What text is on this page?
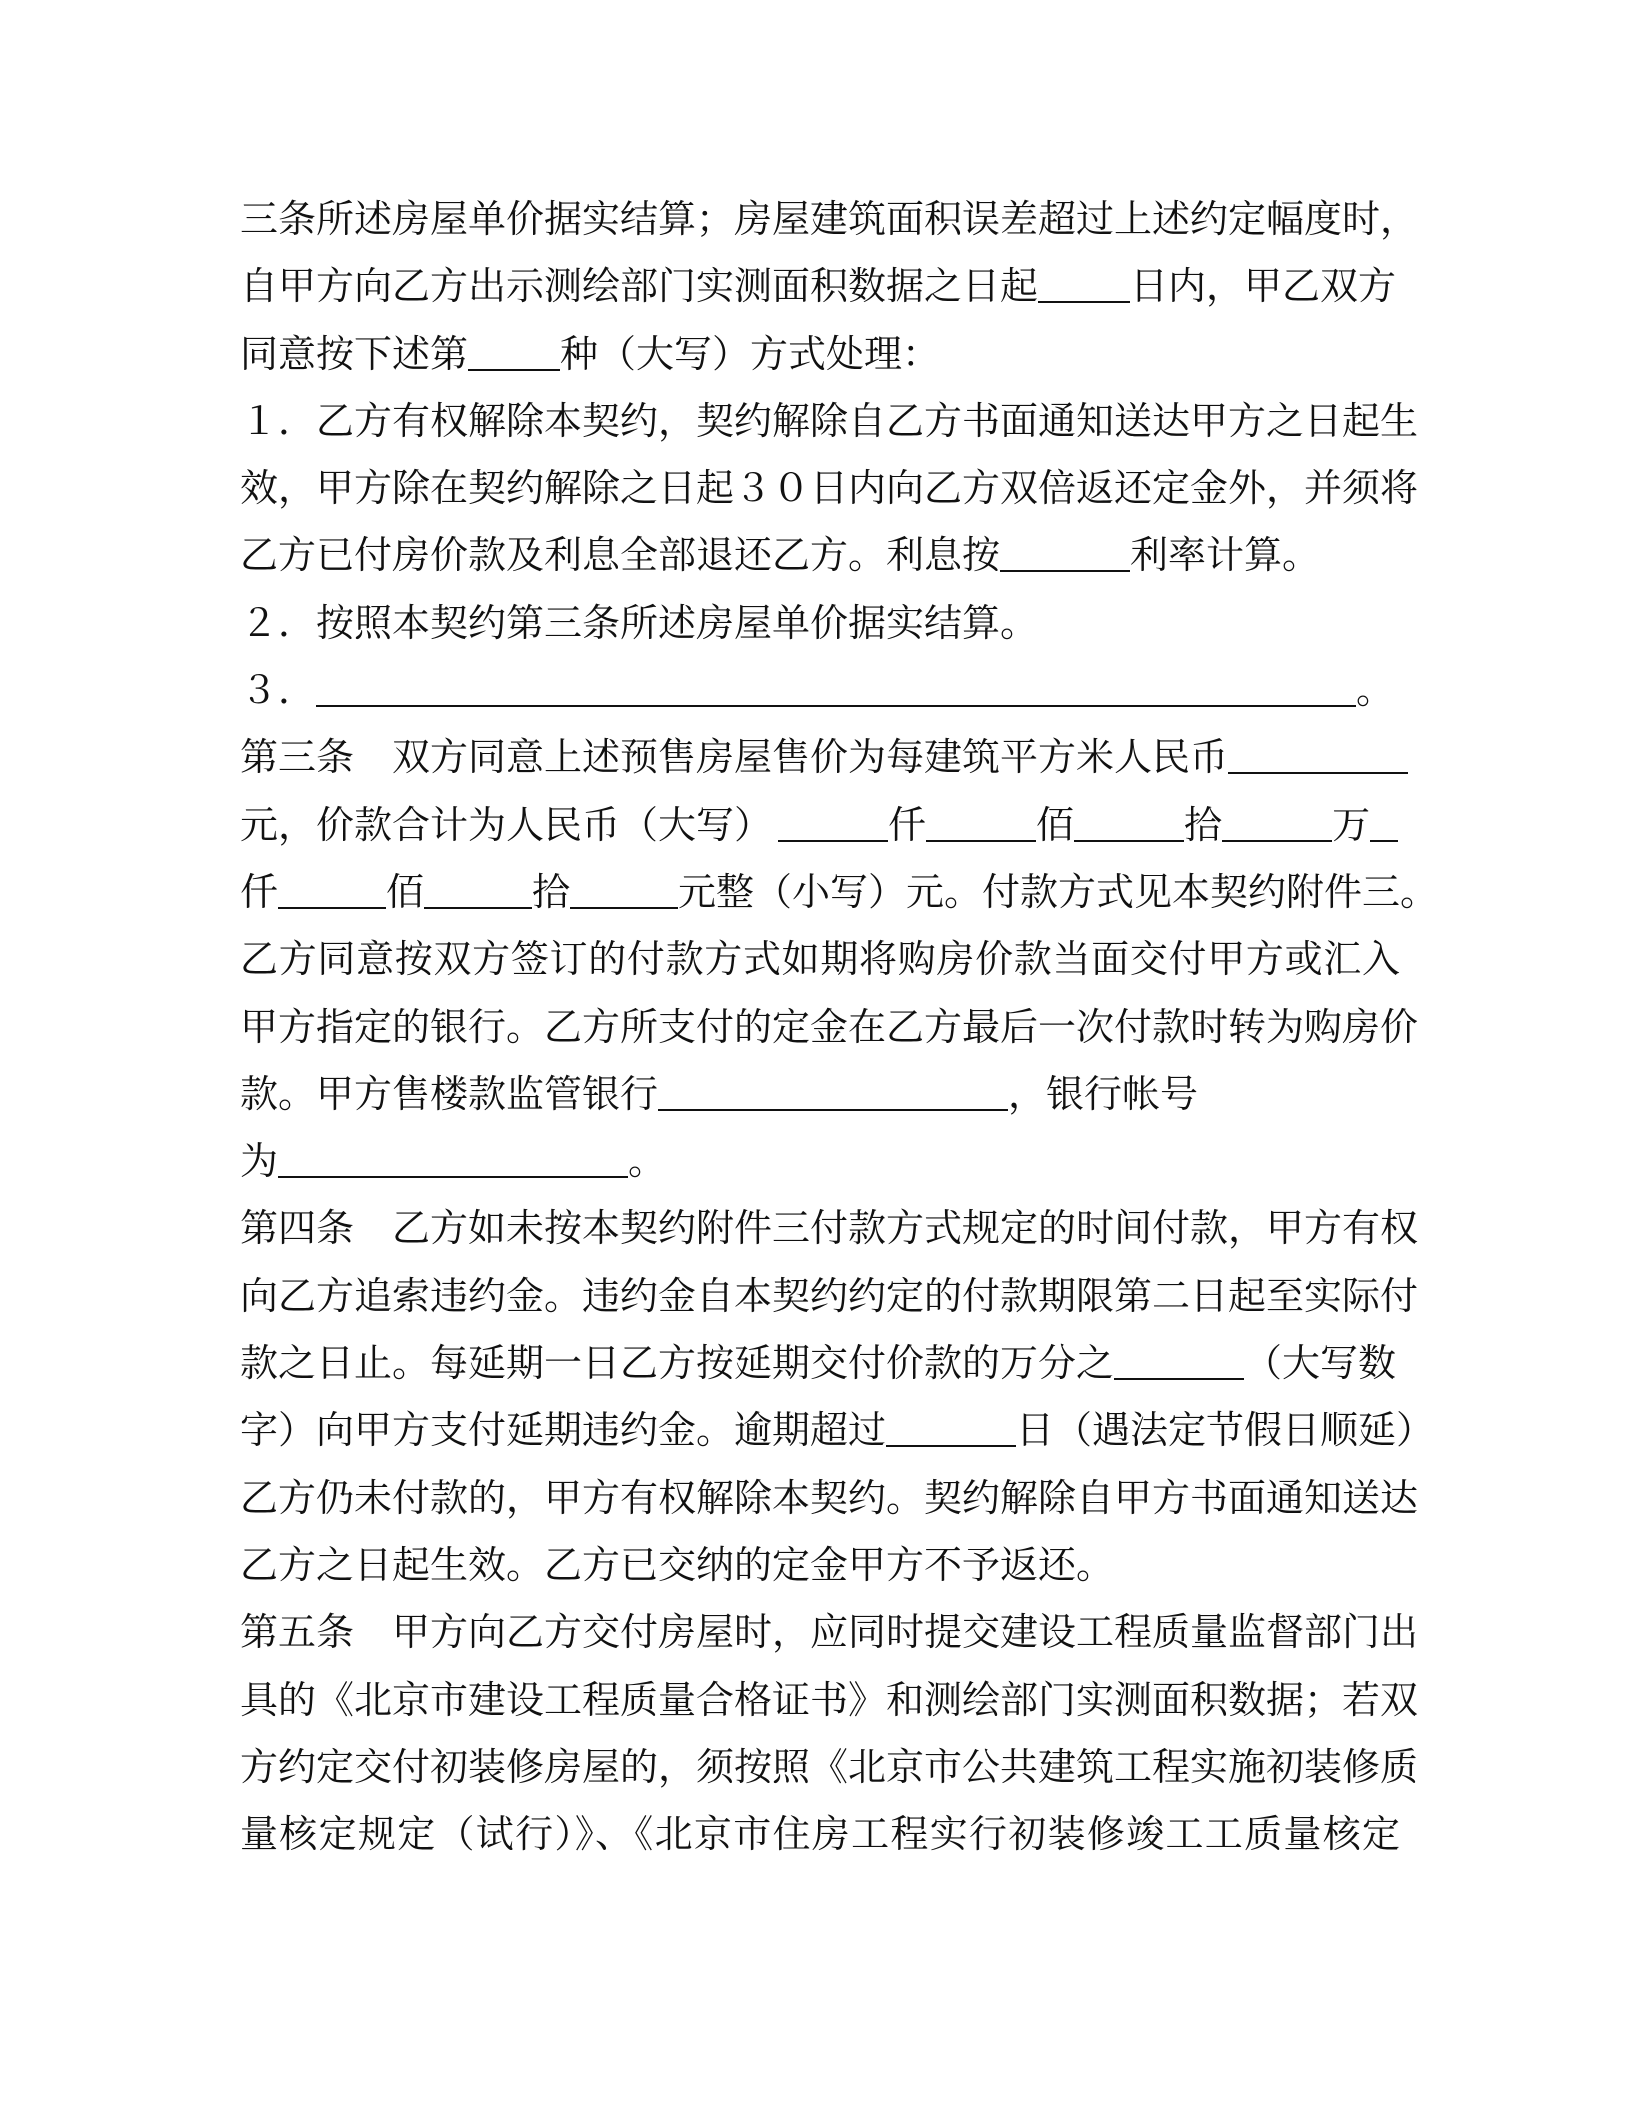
三条所述房屋单价据实结算；房屋建筑面积误差超过上述约定幅度时，
自甲方向乙方出示测绘部门实测面积数据之日起 日内，甲乙双方
同意按下述第 种（大写）方式处理：
１．乙方有权解除本契约，契约解除自乙方书面通知送达甲方之日起生
效，甲方除在契约解除之日起３０日内向乙方双倍返还定金外，并须将
乙方已付房价款及利息全部退还乙方。利息按	利率计算。
２．按照本契约第三条所述房屋单价据实结算。
３．	。
第三条　双方同意上述预售房屋售价为每建筑平方米人民币
元，价款合计为人民币（大写）	仟	佰	拾	万
仟	佰	拾	元整（小写）元。付款方式见本契约附件三。
乙方同意按双方签订的付款方式如期将购房价款当面交付甲方或汇入
甲方指定的银行。乙方所支付的定金在乙方最后一次付款时转为购房价
款。甲方售楼款监管银行	，银行帐号
为	。
第四条　乙方如未按本契约附件三付款方式规定的时间付款，甲方有权
向乙方追索违约金。违约金自本契约约定的付款期限第二日起至实际付
款之日止。每延期一日乙方按延期交付价款的万分之	（大写数
字）向甲方支付延期违约金。逾期超过	日（遇法定节假日顺延）
乙方仍未付款的，甲方有权解除本契约。契约解除自甲方书面通知送达
乙方之日起生效。乙方已交纳的定金甲方不予返还。
第五条　甲方向乙方交付房屋时，应同时提交建设工程质量监督部门出
具的《北京市建设工程质量合格证书》和测绘部门实测面积数据；若双
方约定交付初装修房屋的，须按照《北京市公共建筑工程实施初装修质
量核定规定（试行）》、《北京市住房工程实行初装修竣工工质量核定
